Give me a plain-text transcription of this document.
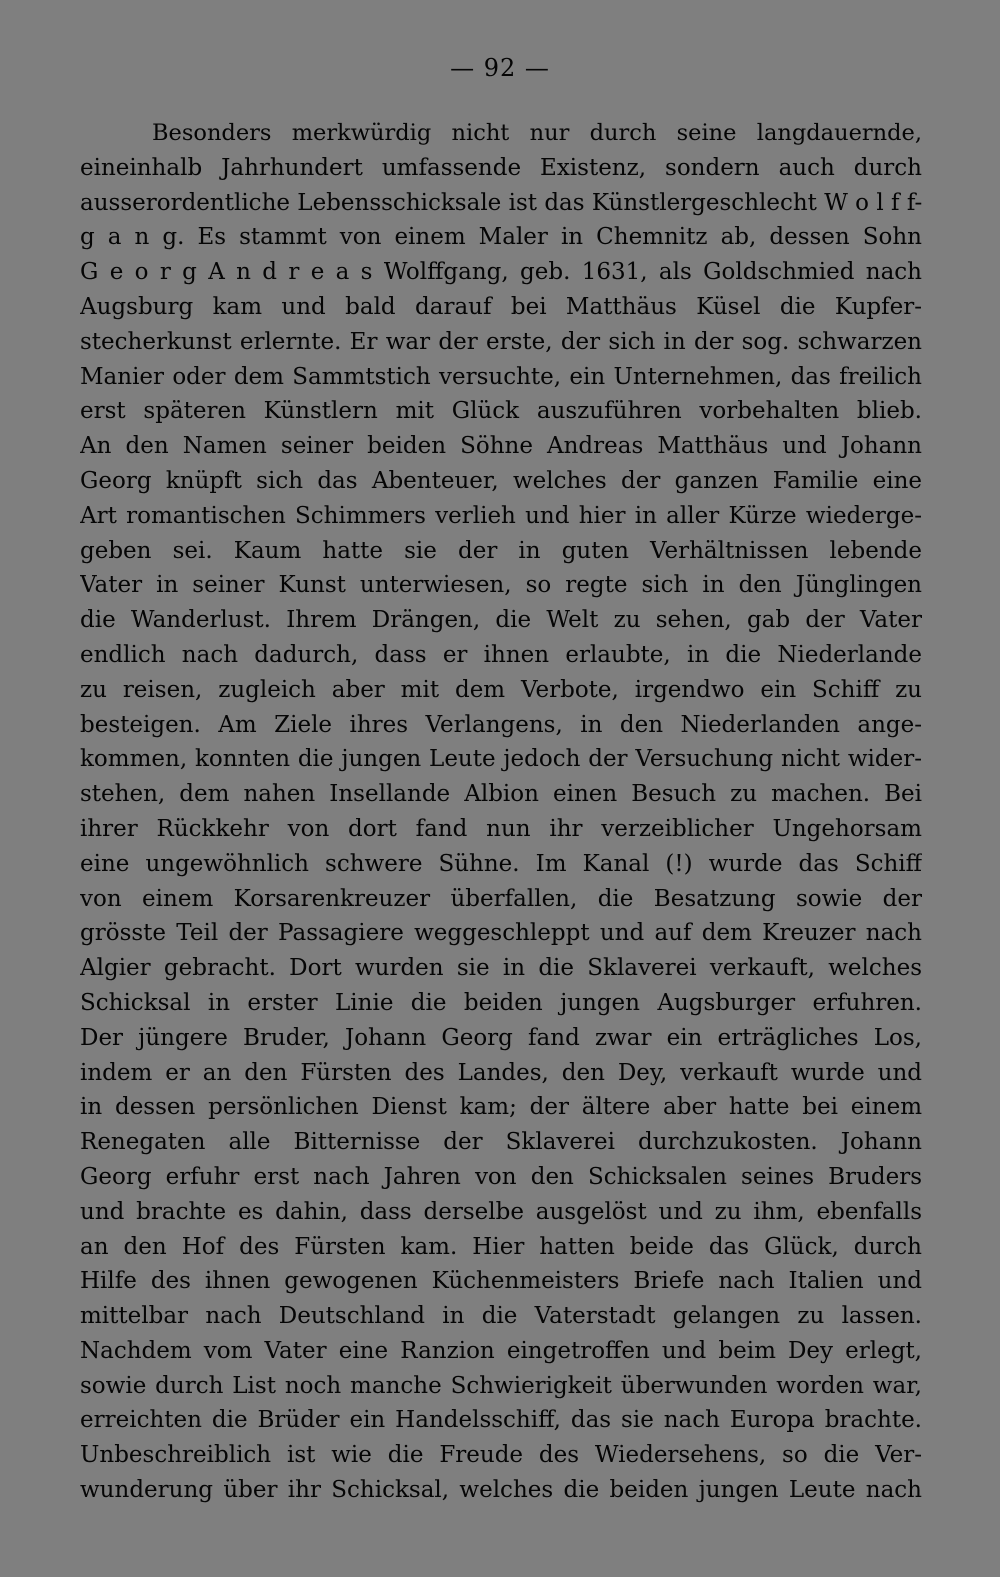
— 92 —
Besonders merkwürdig nicht nur durch seine langdauernde,
eineinhalb Jahrhundert umfassende Existenz, sondern auch durch
ausserordentliche Lebensschicksale ist das Künstlergeschlecht W o l f f-
g a n g. Es stammt von einem Maler in Chemnitz ab, dessen Sohn
G e o r g A n d r e a s Wolffgang, geb. 1631, als Goldschmied nach
Augsburg kam und bald darauf bei Matthäus Küsel die Kupfer-
stecherkunst erlernte. Er war der erste, der sich in der sog. schwarzen
Manier oder dem Sammtstich versuchte, ein Unternehmen, das freilich
erst späteren Künstlern mit Glück auszuführen vorbehalten blieb.
An den Namen seiner beiden Söhne Andreas Matthäus und Johann
Georg knüpft sich das Abenteuer, welches der ganzen Familie eine
Art romantischen Schimmers verlieh und hier in aller Kürze wiederge-
geben sei. Kaum hatte sie der in guten Verhältnissen lebende
Vater in seiner Kunst unterwiesen, so regte sich in den Jünglingen
die Wanderlust. Ihrem Drängen, die Welt zu sehen, gab der Vater
endlich nach dadurch, dass er ihnen erlaubte, in die Niederlande
zu reisen, zugleich aber mit dem Verbote, irgendwo ein Schiff zu
besteigen. Am Ziele ihres Verlangens, in den Niederlanden ange-
kommen, konnten die jungen Leute jedoch der Versuchung nicht wider-
stehen, dem nahen Insellande Albion einen Besuch zu machen. Bei
ihrer Rückkehr von dort fand nun ihr verzeiblicher Ungehorsam
eine ungewöhnlich schwere Sühne. Im Kanal (!) wurde das Schiff
von einem Korsarenkreuzer überfallen, die Besatzung sowie der
grösste Teil der Passagiere weggeschleppt und auf dem Kreuzer nach
Algier gebracht. Dort wurden sie in die Sklaverei verkauft, welches
Schicksal in erster Linie die beiden jungen Augsburger erfuhren.
Der jüngere Bruder, Johann Georg fand zwar ein erträgliches Los,
indem er an den Fürsten des Landes, den Dey, verkauft wurde und
in dessen persönlichen Dienst kam; der ältere aber hatte bei einem
Renegaten alle Bitternisse der Sklaverei durchzukosten. Johann
Georg erfuhr erst nach Jahren von den Schicksalen seines Bruders
und brachte es dahin, dass derselbe ausgelöst und zu ihm, ebenfalls
an den Hof des Fürsten kam. Hier hatten beide das Glück, durch
Hilfe des ihnen gewogenen Küchenmeisters Briefe nach Italien und
mittelbar nach Deutschland in die Vaterstadt gelangen zu lassen.
Nachdem vom Vater eine Ranzion eingetroffen und beim Dey erlegt,
sowie durch List noch manche Schwierigkeit überwunden worden war,
erreichten die Brüder ein Handelsschiff, das sie nach Europa brachte.
Unbeschreiblich ist wie die Freude des Wiedersehens, so die Ver-
wunderung über ihr Schicksal, welches die beiden jungen Leute nach
